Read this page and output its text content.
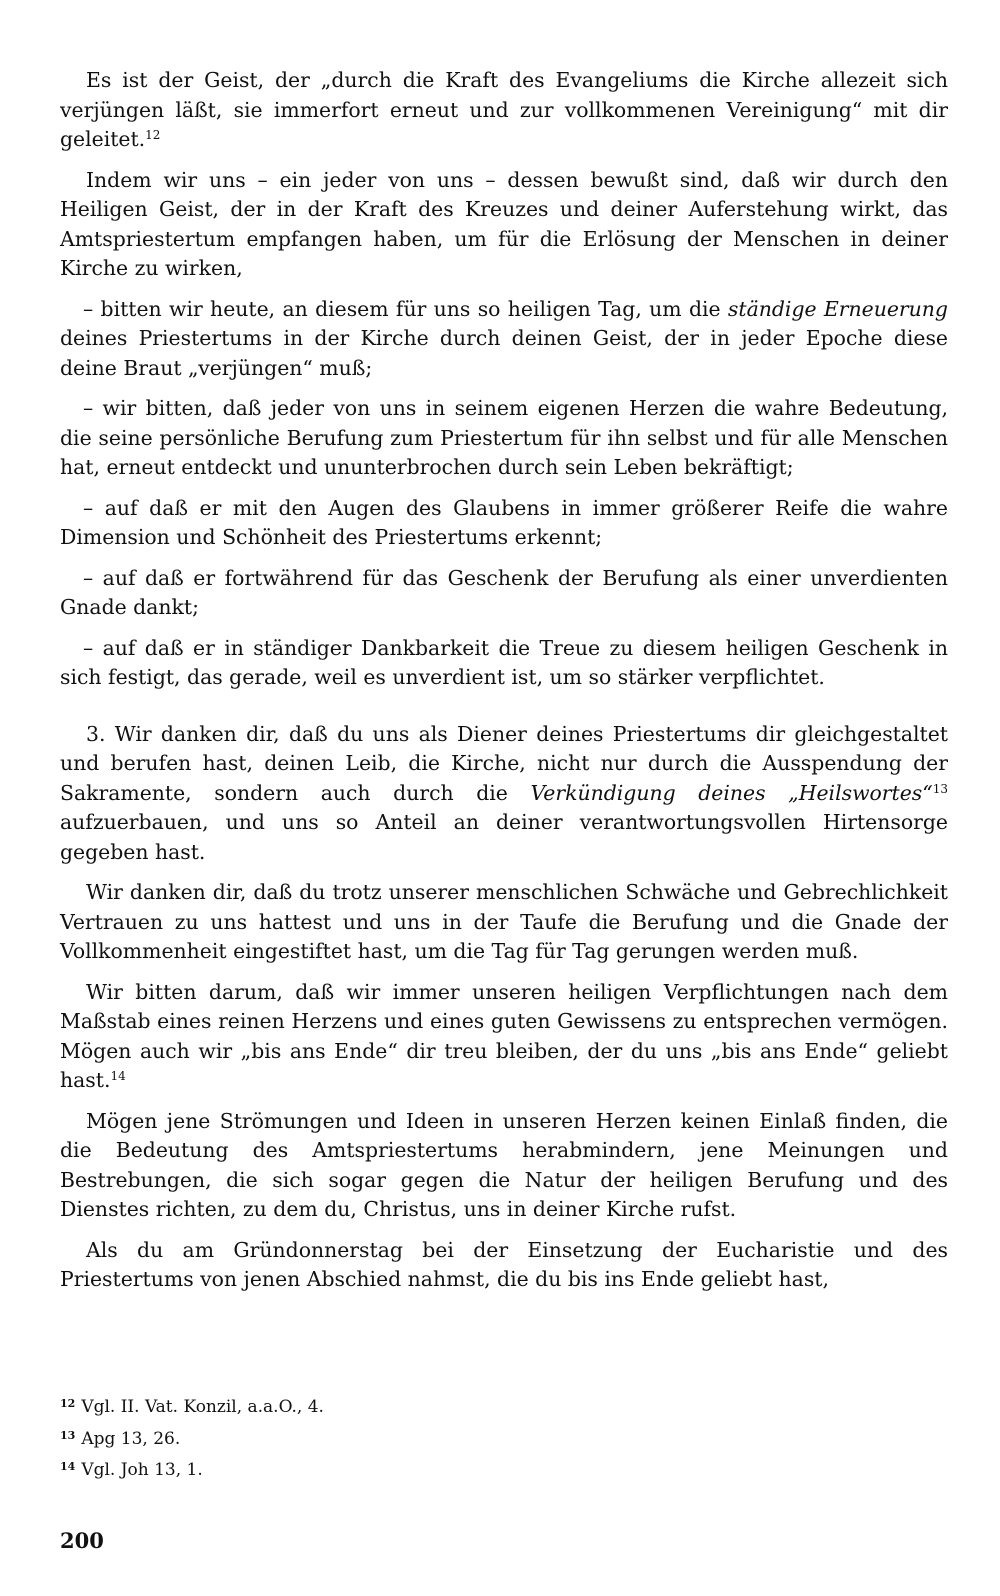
Es ist der Geist, der „durch die Kraft des Evangeliums die Kirche allezeit sich verjüngen läßt, sie immerfort erneut und zur vollkommenen Vereinigung“ mit dir geleitet.$^{12}$

Indem wir uns – ein jeder von uns – dessen bewußt sind, daß wir durch den Heiligen Geist, der in der Kraft des Kreuzes und deiner Auferstehung wirkt, das Amtspriestertum empfangen haben, um für die Erlösung der Menschen in deiner Kirche zu wirken,

– bitten wir heute, an diesem für uns so heiligen Tag, um die ständige Erneuerung deines Priestertums in der Kirche durch deinen Geist, der in jeder Epoche diese deine Braut „verjüngen“ muß;

– wir bitten, daß jeder von uns in seinem eigenen Herzen die wahre Bedeutung, die seine persönliche Berufung zum Priestertum für ihn selbst und für alle Menschen hat, erneut entdeckt und ununterbrochen durch sein Leben bekräftigt;

– auf daß er mit den Augen des Glaubens in immer größerer Reife die wahre Dimension und Schönheit des Priestertums erkennt;

– auf daß er fortwährend für das Geschenk der Berufung als einer unverdienten Gnade dankt;

– auf daß er in ständiger Dankbarkeit die Treue zu diesem heiligen Geschenk in sich festigt, das gerade, weil es unverdient ist, um so stärker verpflichtet.

3. Wir danken dir, daß du uns als Diener deines Priestertums dir gleichgestaltet und berufen hast, deinen Leib, die Kirche, nicht nur durch die Ausspendung der Sakramente, sondern auch durch die Verkündigung deines „Heilswortes“$^{13}$ aufzuerbauen, und uns so Anteil an deiner verantwortungsvollen Hirtensorge gegeben hast.

Wir danken dir, daß du trotz unserer menschlichen Schwäche und Gebrechlichkeit Vertrauen zu uns hattest und uns in der Taufe die Berufung und die Gnade der Vollkommenheit eingestiftet hast, um die Tag für Tag gerungen werden muß.

Wir bitten darum, daß wir immer unseren heiligen Verpflichtungen nach dem Maßstab eines reinen Herzens und eines guten Gewissens zu entsprechen vermögen. Mögen auch wir „bis ans Ende“ dir treu bleiben, der du uns „bis ans Ende“ geliebt hast.$^{14}$

Mögen jene Strömungen und Ideen in unseren Herzen keinen Einlaß finden, die die Bedeutung des Amtspriestertums herabmindern, jene Meinungen und Bestrebungen, die sich sogar gegen die Natur der heiligen Berufung und des Dienstes richten, zu dem du, Christus, uns in deiner Kirche rufst.

Als du am Gründonnerstag bei der Einsetzung der Eucharistie und des Priestertums von jenen Abschied nahmst, die du bis ins Ende geliebt hast,

$^{12}$ Vgl. II. Vat. Konzil, a.a.O., 4.

$^{13}$ Apg 13, 26.

$^{14}$ Vgl. Joh 13, 1.

200
